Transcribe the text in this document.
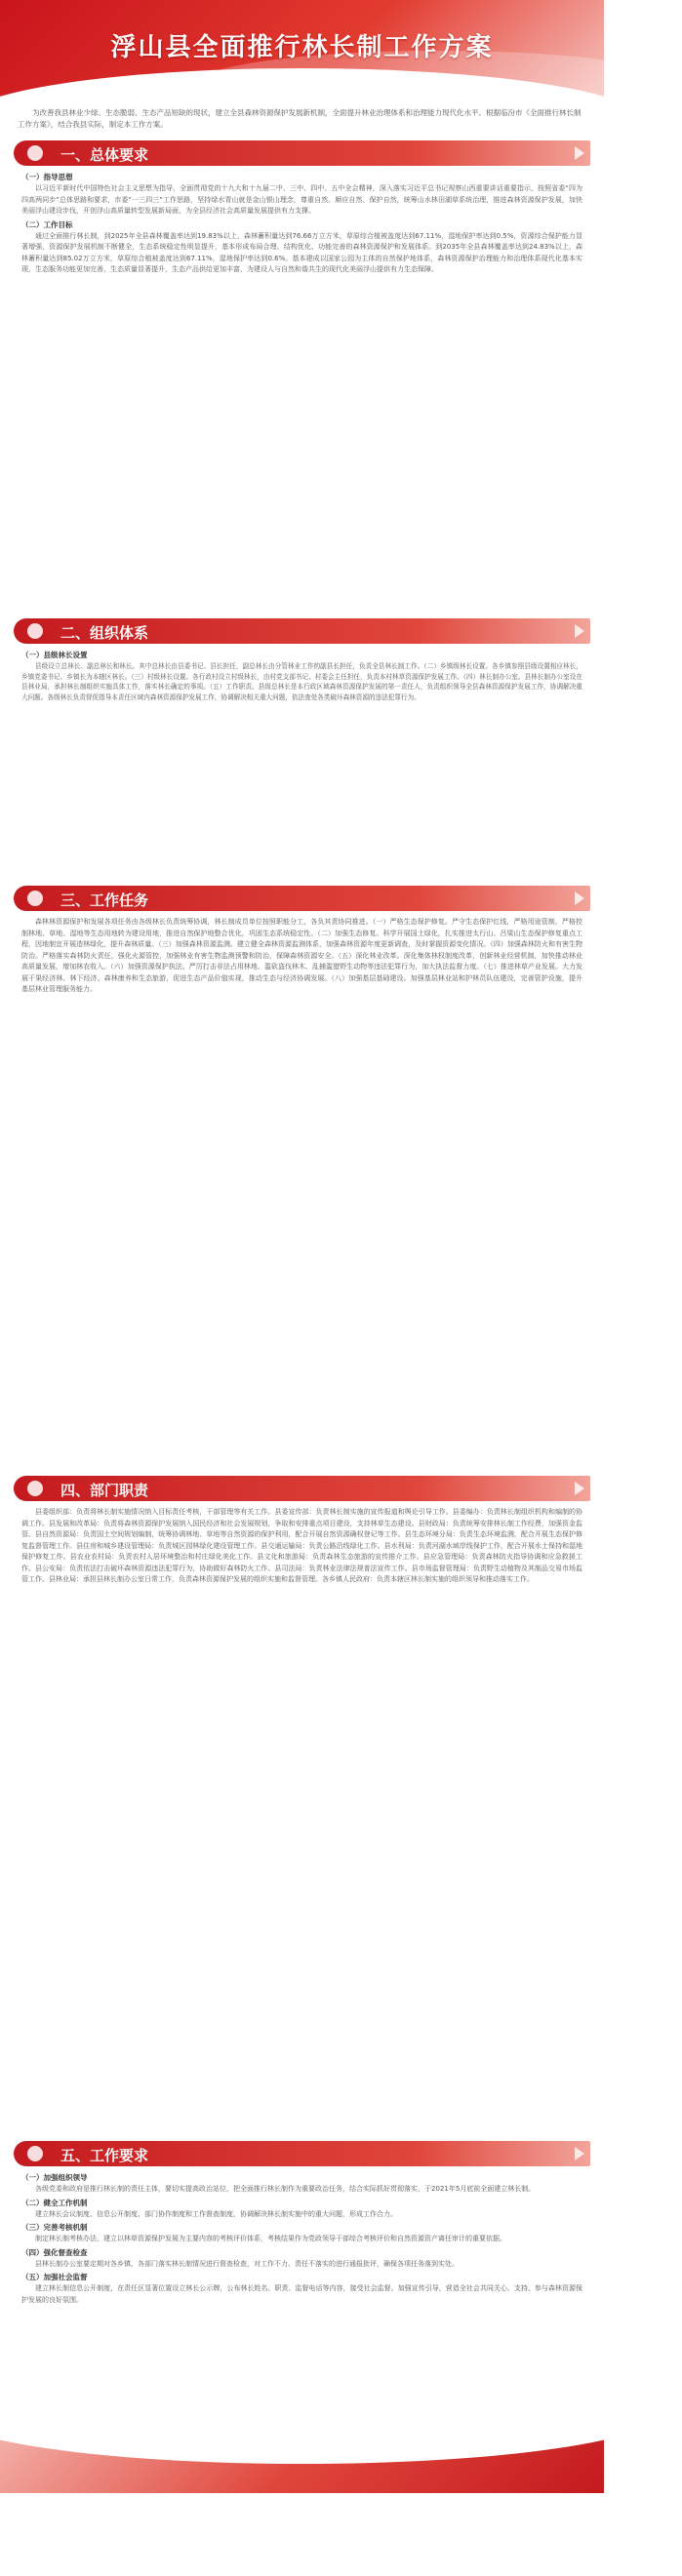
浮山县全面推行林长制工作方案
为改善我县林业少绿、生态脆弱、生态产品短缺的现状，建立全县森林资源保护发展新机制，全面提升林业治理体系和治理能力现代化水平。根据临汾市《全面推行林长制工作方案》，结合我县实际，制定本工作方案。
一、总体要求
（一）指导思想
以习近平新时代中国特色社会主义思想为指导，全面贯彻党的十九大和十九届二中、三中、四中、五中全会精神，深入落实习近平总书记视察山西重要讲话重要指示，按照省委“四为四高两同步”总体思路和要求，市委“一三四三”工作思路，坚持绿水青山就是金山银山理念，尊重自然、顺应自然、保护自然，统筹山水林田湖草系统治理，推进森林资源保护发展，加快美丽浮山建设步伐，开创浮山高质量转型发展新局面，为全县经济社会高质量发展提供有力支撑。
（二）工作目标
通过全面推行林长制，到2025年全县森林覆盖率达到19.83%以上，森林蓄积量达到76.66万立方米，草原综合植被盖度达到67.11%，湿地保护率达到0.5%，资源综合保护能力显著增强，资源保护发展机制不断健全，生态系统稳定性明显提升，基本形成布局合理、结构优化、功能完善的森林资源保护和发展体系。到2035年全县森林覆盖率达到24.83%以上，森林蓄积量达到85.02万立方米，草原综合植被盖度达到67.11%，湿地保护率达到0.6%。基本建成以国家公园为主体的自然保护地体系，森林资源保护治理能力和治理体系现代化基本实现，生态服务功能更加完善，生态质量显著提升，生态产品供给更加丰富，为建设人与自然和谐共生的现代化美丽浮山提供有力生态保障。
二、组织体系
（一）县级林长设置
县级设立总林长、副总林长和林长。其中总林长由县委书记、县长担任，副总林长由分管林业工作的副县长担任，负责全县林长制工作。（二）乡镇级林长设置。各乡镇参照县级设置相应林长，乡镇党委书记、乡镇长为本辖区林长。（三）村级林长设置。各行政村设立村级林长，由村党支部书记、村委会主任担任，负责本村林草资源保护发展工作。（四）林长制办公室。县林长制办公室设在县林业局，承担林长制组织实施具体工作，落实林长确定的事项。（五）工作职责。县级总林长是本行政区域森林资源保护发展的第一责任人，负责组织领导全县森林资源保护发展工作，协调解决重大问题。各级林长负责督促指导本责任区域内森林资源保护发展工作，协调解决相关重大问题，依法查处各类破坏森林资源的违法犯罪行为。
三、工作任务
森林林资源保护和发展各项任务由各级林长负责统筹协调，林长制成员单位按照职能分工，各负其责协同推进。（一）严格生态保护修复。严守生态保护红线，严格用途管制，严格控制林地、草地、湿地等生态用地转为建设用地，推进自然保护地整合优化，巩固生态系统稳定性。（二）加强生态修复。科学开展国土绿化，扎实推进太行山、吕梁山生态保护修复重点工程，因地制宜开展造林绿化，提升森林质量。（三）加强森林资源监测。建立健全森林资源监测体系，加强森林资源年度更新调查，及时掌握资源变化情况。（四）加强森林防火和有害生物防治。严格落实森林防火责任，强化火源管控，加强林业有害生物监测预警和防治，保障森林资源安全。（五）深化林业改革。深化集体林权制度改革，创新林业经营机制，加快推动林业高质量发展，增加林农收入。（六）加强资源保护执法。严厉打击非法占用林地、滥砍盗伐林木、乱捕滥猎野生动物等违法犯罪行为，加大执法监督力度。（七）推进林草产业发展。大力发展干果经济林、林下经济、森林康养和生态旅游，促进生态产品价值实现，推动生态与经济协调发展。（八）加强基层基础建设。加强基层林业站和护林员队伍建设，完善管护设施，提升基层林业管理服务能力。
四、部门职责
县委组织部：负责将林长制实施情况纳入目标责任考核，干部管理等有关工作。县委宣传部：负责林长制实施的宣传报道和舆论引导工作。县委编办：负责林长制组织机构和编制的协调工作。县发展和改革局：负责将森林资源保护发展纳入国民经济和社会发展规划，争取和安排重点项目建设，支持林草生态建设。县财政局：负责统筹安排林长制工作经费，加强资金监管。县自然资源局：负责国土空间规划编制，统筹协调林地、草地等自然资源的保护利用，配合开展自然资源确权登记等工作。县生态环境分局：负责生态环境监测，配合开展生态保护修复监督管理工作。县住房和城乡建设管理局：负责城区园林绿化建设管理工作。县交通运输局：负责公路沿线绿化工作。县水利局：负责河湖水域岸线保护工作，配合开展水土保持和湿地保护修复工作。县农业农村局：负责农村人居环境整治和村庄绿化美化工作。县文化和旅游局：负责森林生态旅游的宣传推介工作。县应急管理局：负责森林防火指导协调和应急救援工作。县公安局：负责依法打击破坏森林资源违法犯罪行为，协助做好森林防火工作。县司法局：负责林业法律法规普法宣传工作。县市场监督管理局：负责野生动植物及其制品交易市场监管工作。县林业局：承担县林长制办公室日常工作，负责森林资源保护发展的组织实施和监督管理。各乡镇人民政府：负责本辖区林长制实施的组织领导和推动落实工作。
五、工作要求
（一）加强组织领导
各级党委和政府是推行林长制的责任主体，要切实提高政治站位，把全面推行林长制作为重要政治任务，结合实际抓好贯彻落实，于2021年5月底前全面建立林长制。
（二）健全工作机制
建立林长会议制度、信息公开制度、部门协作制度和工作督查制度，协调解决林长制实施中的重大问题，形成工作合力。
（三）完善考核机制
制定林长制考核办法，建立以林草资源保护发展为主要内容的考核评价体系，考核结果作为党政领导干部综合考核评价和自然资源资产离任审计的重要依据。
（四）强化督查检查
县林长制办公室要定期对各乡镇、各部门落实林长制情况进行督查检查，对工作不力、责任不落实的进行通报批评，确保各项任务落到实处。
（五）加强社会监督
建立林长制信息公开制度，在责任区显著位置设立林长公示牌，公布林长姓名、职责、监督电话等内容，接受社会监督。加强宣传引导，营造全社会共同关心、支持、参与森林资源保护发展的良好氛围。
